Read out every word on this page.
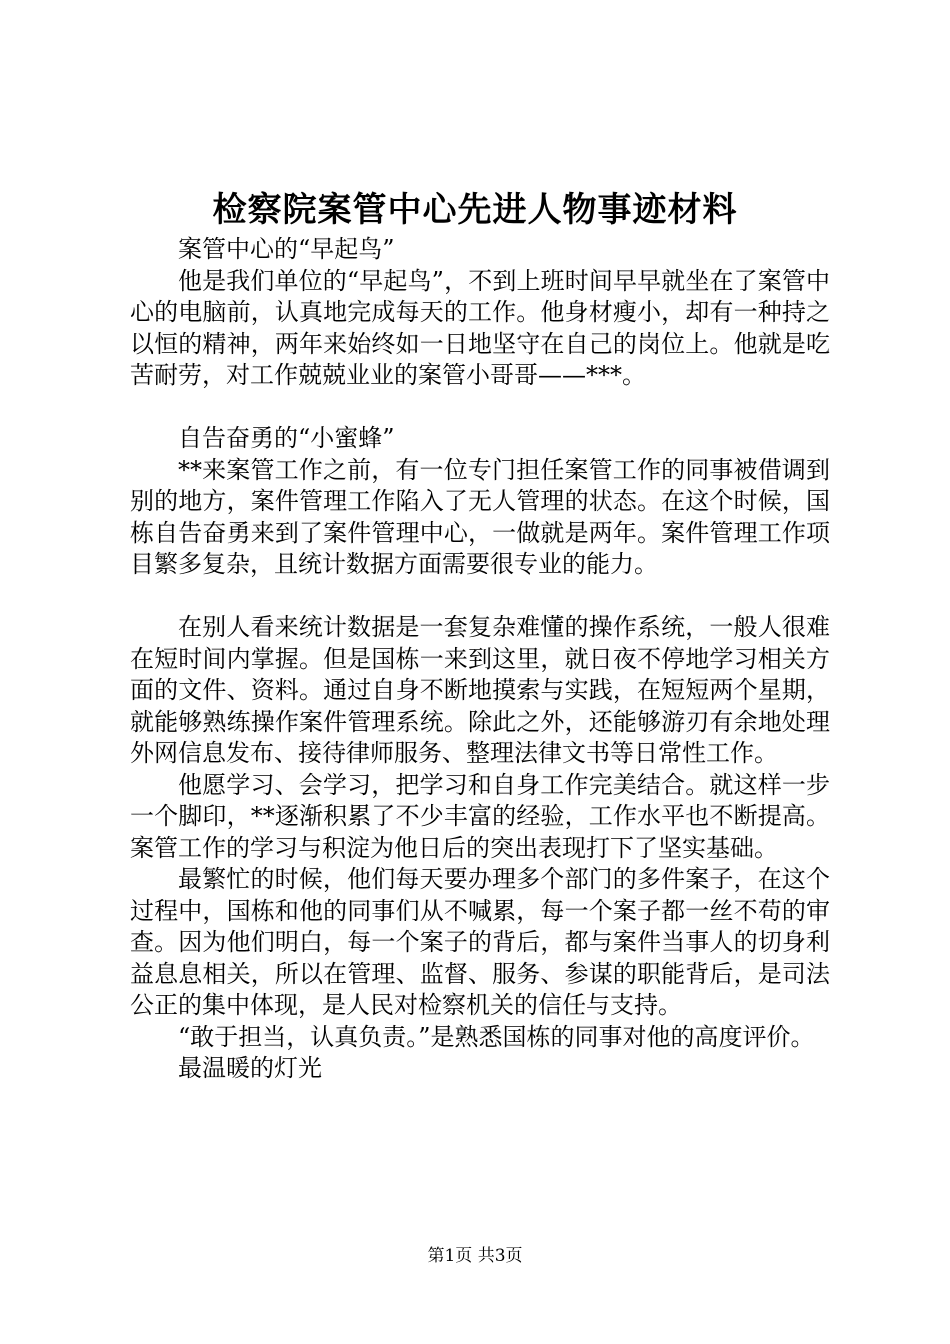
检察院案管中心先进人物事迹材料

案管中心的“早起鸟”

他是我们单位的“早起鸟”，不到上班时间早早就坐在了案管中心的电脑前，认真地完成每天的工作。他身材瘦小，却有一种持之以恒的精神，两年来始终如一日地坚守在自己的岗位上。他就是吃苦耐劳，对工作兢兢业业的案管小哥哥——***。

自告奋勇的“小蜜蜂”

**来案管工作之前，有一位专门担任案管工作的同事被借调到别的地方，案件管理工作陷入了无人管理的状态。在这个时候，国栋自告奋勇来到了案件管理中心，一做就是两年。案件管理工作项目繁多复杂，且统计数据方面需要很专业的能力。

在别人看来统计数据是一套复杂难懂的操作系统，一般人很难在短时间内掌握。但是国栋一来到这里，就日夜不停地学习相关方面的文件、资料。通过自身不断地摸索与实践，在短短两个星期，就能够熟练操作案件管理系统。除此之外，还能够游刃有余地处理外网信息发布、接待律师服务、整理法律文书等日常性工作。

他愿学习、会学习，把学习和自身工作完美结合。就这样一步一个脚印，**逐渐积累了不少丰富的经验，工作水平也不断提高。案管工作的学习与积淀为他日后的突出表现打下了坚实基础。

最繁忙的时候，他们每天要办理多个部门的多件案子，在这个过程中，国栋和他的同事们从不喊累，每一个案子都一丝不苟的审查。因为他们明白，每一个案子的背后，都与案件当事人的切身利益息息相关，所以在管理、监督、服务、参谋的职能背后，是司法公正的集中体现，是人民对检察机关的信任与支持。

“敢于担当，认真负责。”是熟悉国栋的同事对他的高度评价。

最温暖的灯光

第1页 共3页
